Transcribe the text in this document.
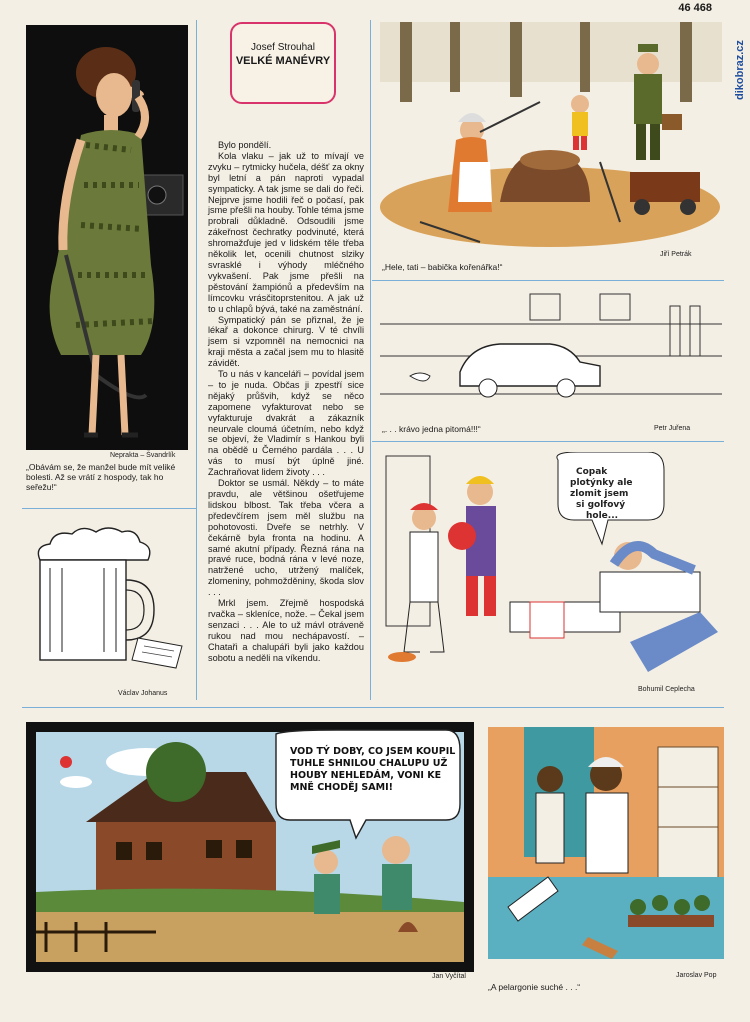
46 468
dikobraz.cz
Neprakta – Švandrlík
„Obávám se, že manžel bude mít veliké bolesti. Až se vrátí z hospody, tak ho seřežu!“
Václav Johanus
Josef Strouhal
VELKÉ MANÉVRY

Bylo pondělí.

Kola vlaku – jak už to mívají ve zvyku – rytmicky hučela, déšť za okny byl letní a pán naproti vypadal sympaticky. A tak jsme se dali do řeči. Nejprve jsme hodili řeč o počasí, pak jsme přešli na houby. Tohle téma jsme probrali důkladně. Odsoudili jsme zákeřnost čechratky podvinuté, která shromažďuje jed v lidském těle třeba několik let, ocenili chutnost slziky svrasklé i výhody mléčného vykvašení. Pak jsme přešli na pěstování žampiónů a především na límcovku vrásčitoprstenitou. A jak už to u chlapů bývá, také na zaměstnání.

Sympatický pán se přiznal, že je lékař a dokonce chirurg. V té chvíli jsem si vzpomněl na nemocnici na kraji města a začal jsem mu to hlasitě závidět.

To u nás v kanceláři – povídal jsem – to je nuda. Občas ji zpestří sice nějaký průšvih, když se něco zapomene vyfakturovat nebo se vyfakturuje dvakrát a zákazník neurvale cloumá účetním, nebo když se objeví, že Vladimír s Hankou byli na obědě u Černého pardála . . . U vás to musí být úplně jiné. Zachraňovat lidem životy . . .

Doktor se usmál. Někdy – to máte pravdu, ale většinou ošetřujeme lidskou blbost. Tak třeba včera a předevčírem jsem měl službu na pohotovosti. Dveře se netrhly. V čekárně byla fronta na hodinu. A samé akutní případy. Řezná rána na pravé ruce, bodná rána v levé noze, natržené ucho, utržený malíček, zlomeniny, pohmožděniny, škoda slov . . .

Mrkl jsem. Zřejmě hospodská rvačka – skleníce, nože. – Čekal jsem senzaci . . . Ale to už mávl otráveně rukou nad mou nechápavostí. – Chataři a chalupáři byli jako každou sobotu a neděli na víkendu.

Jiří Petrák
„Hele, tati – babička kořenářka!“
Petr Juřena
„. . . krávo jedna pitomá!!!“
Copak plotýnky ale zlomit jsem si golfový hole...
Bohumil Ceplecha
VOD TÝ DOBY, CO JSEM KOUPIL TUHLE SHNILOU CHALUPU UŽ HOUBY NEHLEDÁM, VONI KE MNĚ CHODĚJ SAMI!
Jan Vyčítal	Jaroslav Pop
„A pelargonie suché . . .“
